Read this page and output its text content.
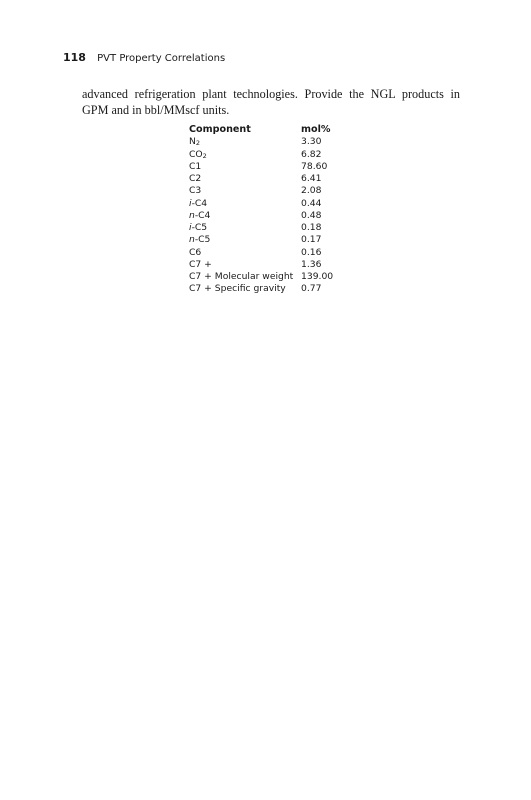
118 PVT Property Correlations
advanced refrigeration plant technologies. Provide the NGL products in
GPM and in bbl/MMscf units.
Component	mol%
$N_2$	3.30
$CO_2$	6.82
C1	78.60
C2	6.41
C3	2.08
i-C4	0.44
n-C4	0.48
i-C5	0.18
n-C5	0.17
C6	0.16
C7 +	1.36
C7 + Molecular weight	139.00
C7 + Specific gravity	0.77
